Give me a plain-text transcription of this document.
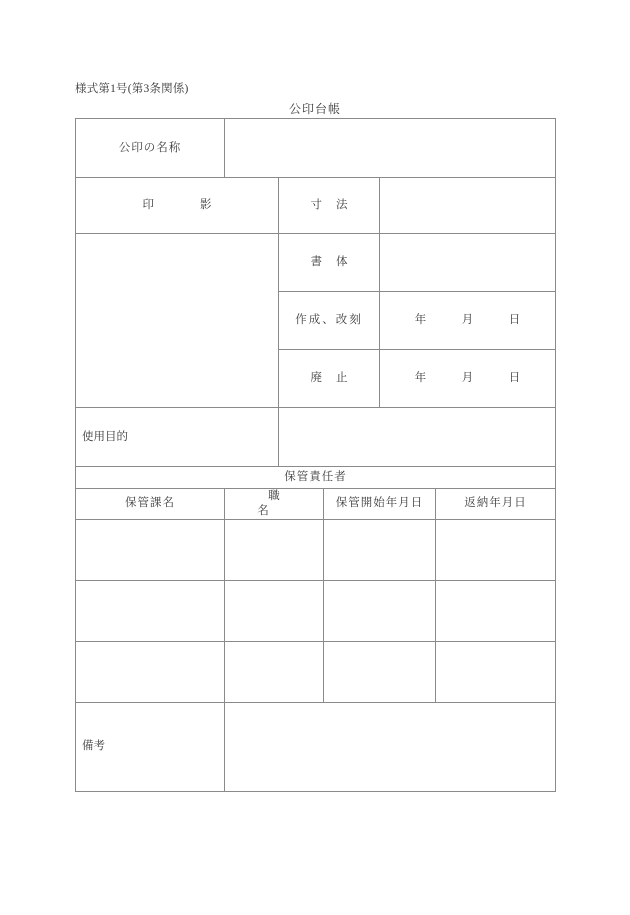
様式第1号(第3条関係)
公印台帳
公印の名称					
印影		寸法			
		書体			
		作成、改刻		年　月　日	
		廃止		年　月　日	
使用目的					
保管責任者					
保管課名	職名		保管開始年月日		返納年月日

備考					
